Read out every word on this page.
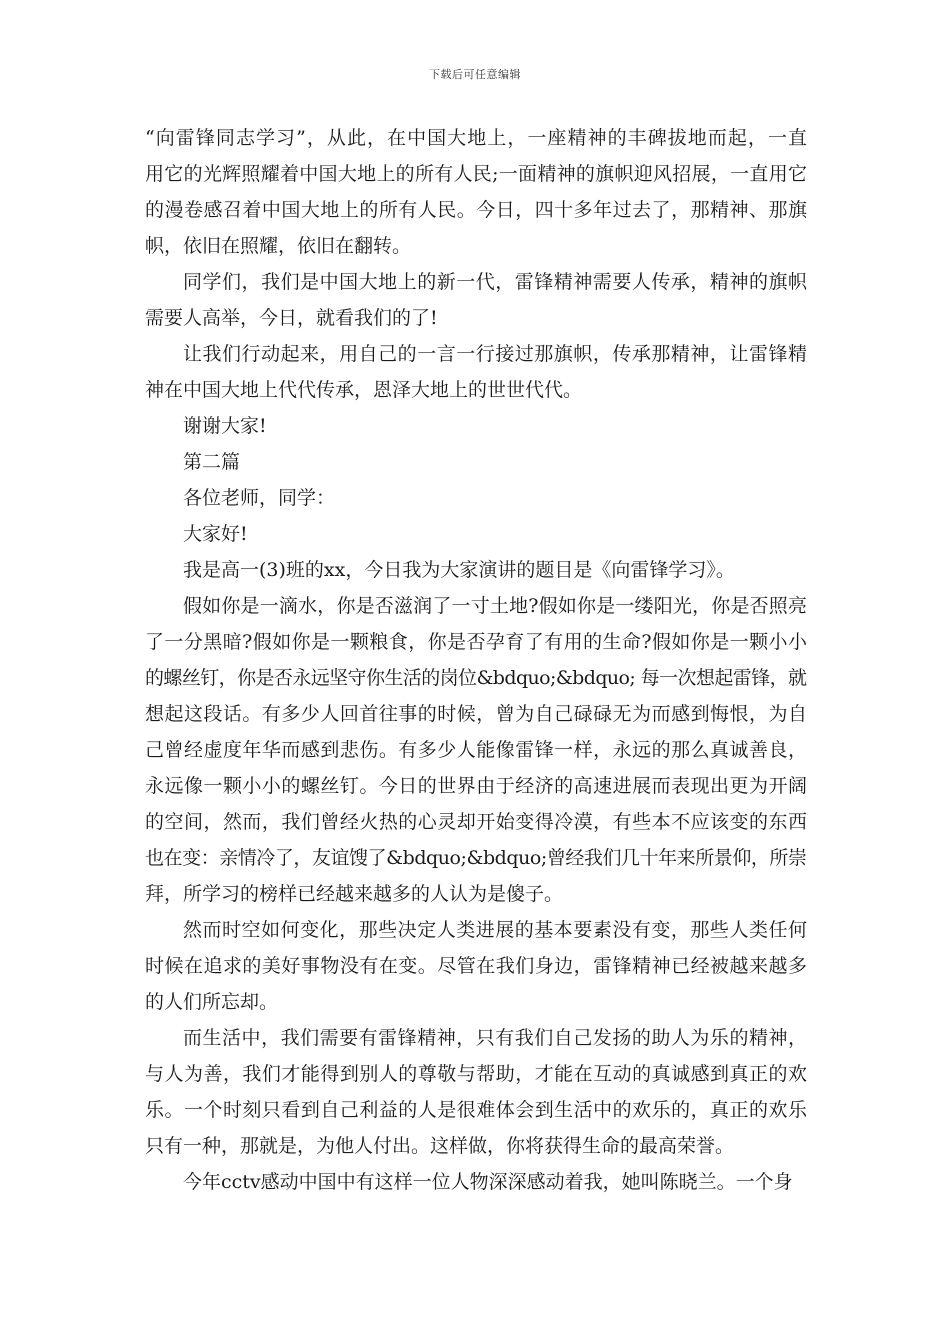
下载后可任意编辑
“向雷锋同志学习”，从此，在中国大地上，一座精神的丰碑拔地而起，一直
用它的光辉照耀着中国大地上的所有人民;一面精神的旗帜迎风招展，一直用它
的漫卷感召着中国大地上的所有人民。今日，四十多年过去了，那精神、那旗
帜，依旧在照耀，依旧在翻转。
同学们，我们是中国大地上的新一代，雷锋精神需要人传承，精神的旗帜
需要人高举，今日，就看我们的了!
让我们行动起来，用自己的一言一行接过那旗帜，传承那精神，让雷锋精
神在中国大地上代代传承，恩泽大地上的世世代代。
谢谢大家!
第二篇
各位老师，同学：
大家好!
我是高一(3)班的xx，今日我为大家演讲的题目是《向雷锋学习》。
假如你是一滴水，你是否滋润了一寸土地?假如你是一缕阳光，你是否照亮
了一分黑暗?假如你是一颗粮食，你是否孕育了有用的生命?假如你是一颗小小
的螺丝钉，你是否永远坚守你生活的岗位&bdquo;&bdquo; 每一次想起雷锋，就
想起这段话。有多少人回首往事的时候，曾为自己碌碌无为而感到悔恨，为自
己曾经虚度年华而感到悲伤。有多少人能像雷锋一样，永远的那么真诚善良，
永远像一颗小小的螺丝钉。今日的世界由于经济的高速进展而表现出更为开阔
的空间，然而，我们曾经火热的心灵却开始变得冷漠，有些本不应该变的东西
也在变：亲情冷了，友谊馊了&bdquo;&bdquo;曾经我们几十年来所景仰，所崇
拜，所学习的榜样已经越来越多的人认为是傻子。
然而时空如何变化，那些决定人类进展的基本要素没有变，那些人类任何
时候在追求的美好事物没有在变。尽管在我们身边，雷锋精神已经被越来越多
的人们所忘却。
而生活中，我们需要有雷锋精神，只有我们自己发扬的助人为乐的精神，
与人为善，我们才能得到别人的尊敬与帮助，才能在互动的真诚感到真正的欢
乐。一个时刻只看到自己利益的人是很难体会到生活中的欢乐的，真正的欢乐
只有一种，那就是，为他人付出。这样做，你将获得生命的最高荣誉。
今年cctv感动中国中有这样一位人物深深感动着我，她叫陈晓兰。一个身
